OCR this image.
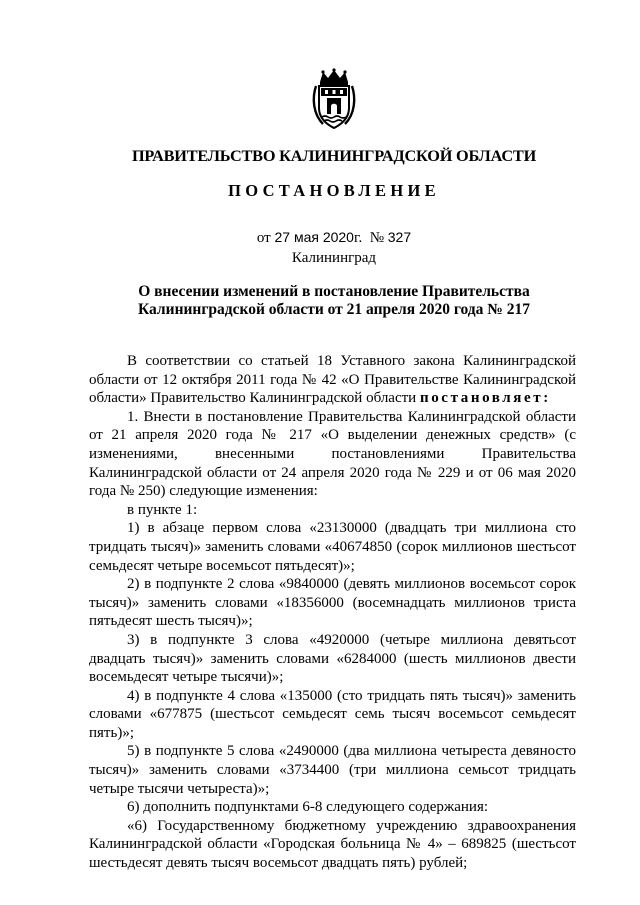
ПРАВИТЕЛЬСТВО КАЛИНИНГРАДСКОЙ ОБЛАСТИ
ПОСТАНОВЛЕНИЕ
от 27 мая 2020г. № 327
Калининград
О внесении изменений в постановление Правительства
Калининградской области от 21 апреля 2020 года № 217

В соответствии со статьей 18 Уставного закона Калининградской области от 12 октября 2011 года № 42 «О Правительстве Калининградской области» Правительство Калининградской области постановляет:

1. Внести в постановление Правительства Калининградской области от 21 апреля 2020 года № 217 «О выделении денежных средств» (с изменениями, внесенными постановлениями Правительства Калининградской области от 24 апреля 2020 года № 229 и от 06 мая 2020 года № 250) следующие изменения:

в пункте 1:

1) в абзаце первом слова «23130000 (двадцать три миллиона сто тридцать тысяч)» заменить словами «40674850 (сорок миллионов шестьсот семьдесят четыре восемьсот пятьдесят)»;

2) в подпункте 2 слова «9840000 (девять миллионов восемьсот сорок тысяч)» заменить словами «18356000 (восемнадцать миллионов триста пятьдесят шесть тысяч)»;

3) в подпункте 3 слова «4920000 (четыре миллиона девятьсот двадцать тысяч)» заменить словами «6284000 (шесть миллионов двести восемьдесят четыре тысячи)»;

4) в подпункте 4 слова «135000 (сто тридцать пять тысяч)» заменить словами «677875 (шестьсот семьдесят семь тысяч восемьсот семьдесят пять)»;

5) в подпункте 5 слова «2490000 (два миллиона четыреста девяносто тысяч)» заменить словами «3734400 (три миллиона семьсот тридцать четыре тысячи четыреста)»;

6) дополнить подпунктами 6-8 следующего содержания:

«6) Государственному бюджетному учреждению здравоохранения Калининградской области «Городская больница № 4» – 689825 (шестьсот шестьдесят девять тысяч восемьсот двадцать пять) рублей;
